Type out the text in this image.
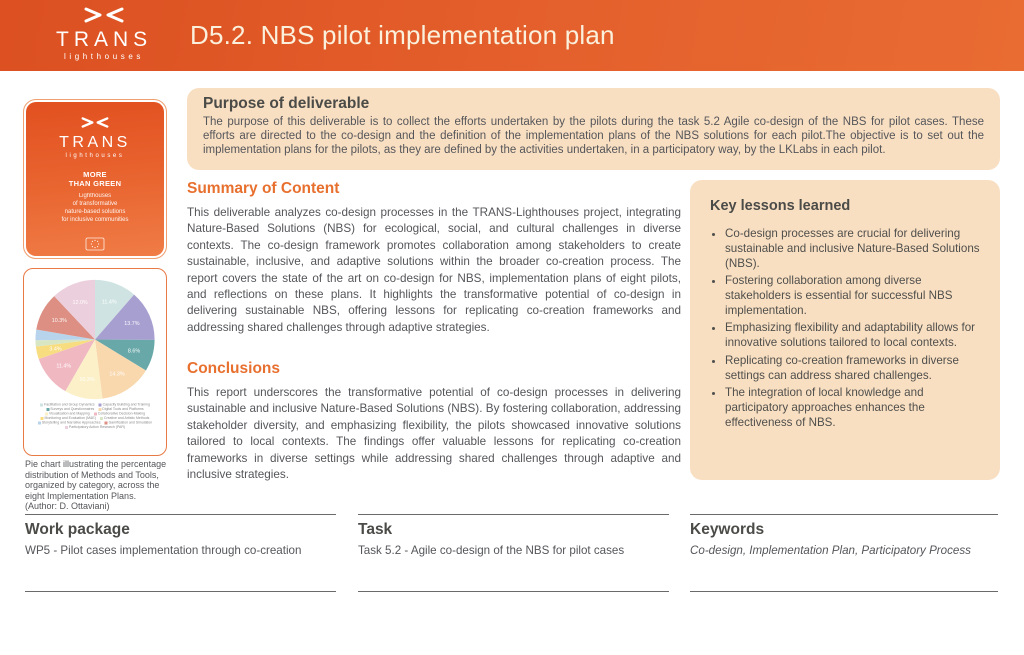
TRANS
lighthouses
D5.2. NBS pilot implementation plan
Purpose of deliverable

The purpose of this deliverable is to collect the efforts undertaken by the pilots during the task 5.2 Agile co-design of the NBS for pilot cases. These efforts are directed to the co-design and the definition of the implementation plans of the NBS solutions for each pilot.The objective is to set out the implementation plans for the pilots, as they are defined by the activities undertaken, in a participatory way, by the LKLabs in each pilot.

TRANS
lighthouses
MORE
THAN GREEN
Lighthouses
of transformative
nature-based solutions
for inclusive communities
11.4%
13.7%
8.6%
14.3%
10.3%
11.4%
3.4%
10.3%
12.0%
Facilitation and Group Dynamics Capacity Building and Training
Surveys and Questionnaires Digital Tools and Platforms
Visualisation and Mapping Collaborative Decision-Making
Monitoring and Evaluation (M&E) Creative and Artistic Methods
Storytelling and Narrative Approaches Gamification and Simulation
Participatory Action Research (PAR)
Pie chart illustrating the percentage distribution of Methods and Tools, organized by category, across the eight Implementation Plans.
(Author: D. Ottaviani)
Summary of Content

This deliverable analyzes co-design processes in the TRANS-Lighthouses project, integrating Nature-Based Solutions (NBS) for ecological, social, and cultural challenges in diverse contexts. The co-design framework promotes collaboration among stakeholders to create sustainable, inclusive, and adaptive solutions within the broader co-creation process. The report covers the state of the art on co-design for NBS, implementation plans of eight pilots, and reflections on these plans. It highlights the transformative potential of co-design in delivering sustainable NBS, offering lessons for replicating co-creation frameworks and addressing shared challenges through adaptive strategies.

Conclusions

This report underscores the transformative potential of co-design processes in delivering sustainable and inclusive Nature-Based Solutions (NBS). By fostering collaboration, addressing stakeholder diversity, and emphasizing flexibility, the pilots showcased innovative solutions tailored to local contexts. The findings offer valuable lessons for replicating co-creation frameworks in diverse settings while addressing shared challenges through adaptive and inclusive strategies.

Key lessons learned
• Co-design processes are crucial for delivering sustainable and inclusive Nature-Based Solutions (NBS).
• Fostering collaboration among diverse stakeholders is essential for successful NBS implementation.
• Emphasizing flexibility and adaptability allows for innovative solutions tailored to local contexts.
• Replicating co-creation frameworks in diverse settings can address shared challenges.
• The integration of local knowledge and participatory approaches enhances the effectiveness of NBS.
Work package

WP5 - Pilot cases implementation through co-creation

Task

Task 5.2 - Agile co-design of the NBS for pilot cases

Keywords

Co-design, Implementation Plan, Participatory Process
